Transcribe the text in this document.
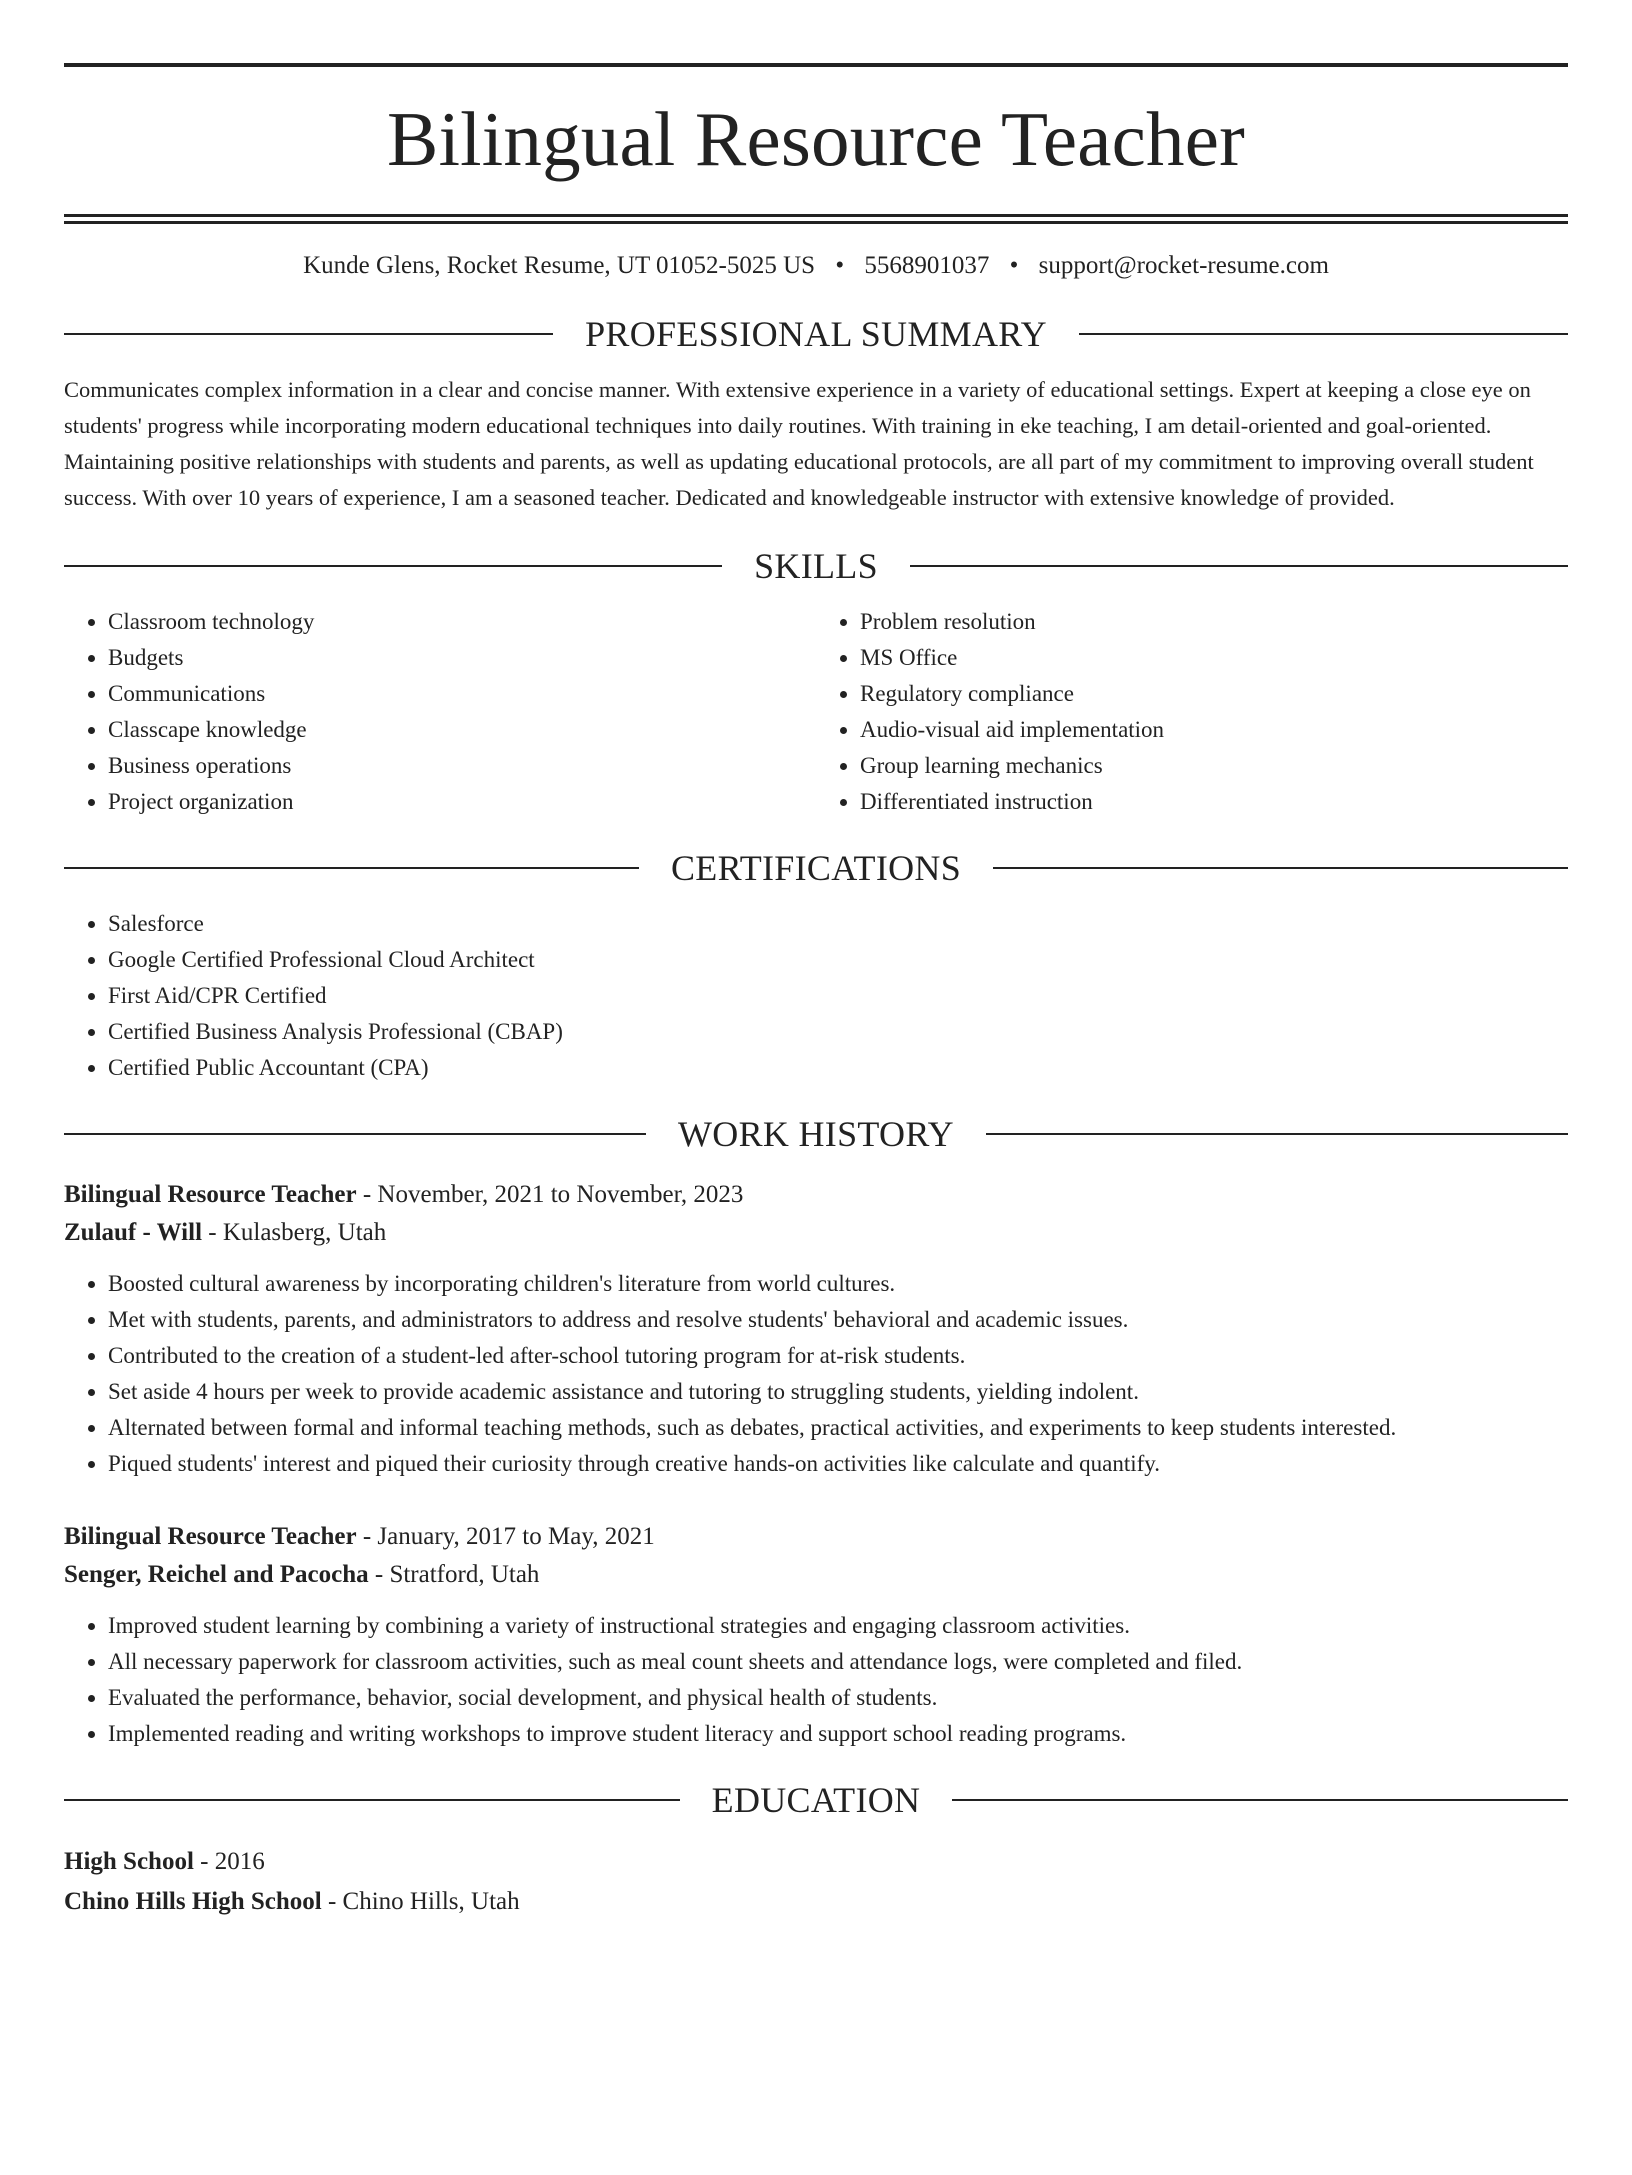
Bilingual Resource Teacher
Kunde Glens, Rocket Resume, UT 01052-5025 US • 5568901037 • support@rocket-resume.com
PROFESSIONAL SUMMARY
Communicates complex information in a clear and concise manner. With extensive experience in a variety of educational settings. Expert at keeping a close eye on students' progress while incorporating modern educational techniques into daily routines. With training in eke teaching, I am detail-oriented and goal-oriented. Maintaining positive relationships with students and parents, as well as updating educational protocols, are all part of my commitment to improving overall student success. With over 10 years of experience, I am a seasoned teacher. Dedicated and knowledgeable instructor with extensive knowledge of provided.
SKILLS
• Classroom technology
• Budgets
• Communications
• Classcape knowledge
• Business operations
• Project organization
• Problem resolution
• MS Office
• Regulatory compliance
• Audio-visual aid implementation
• Group learning mechanics
• Differentiated instruction
CERTIFICATIONS
• Salesforce
• Google Certified Professional Cloud Architect
• First Aid/CPR Certified
• Certified Business Analysis Professional (CBAP)
• Certified Public Accountant (CPA)
WORK HISTORY
Bilingual Resource Teacher - November, 2021 to November, 2023
Zulauf - Will - Kulasberg, Utah
• Boosted cultural awareness by incorporating children's literature from world cultures.
• Met with students, parents, and administrators to address and resolve students' behavioral and academic issues.
• Contributed to the creation of a student-led after-school tutoring program for at-risk students.
• Set aside 4 hours per week to provide academic assistance and tutoring to struggling students, yielding indolent.
• Alternated between formal and informal teaching methods, such as debates, practical activities, and experiments to keep students interested.
• Piqued students' interest and piqued their curiosity through creative hands-on activities like calculate and quantify.
Bilingual Resource Teacher - January, 2017 to May, 2021
Senger, Reichel and Pacocha - Stratford, Utah
• Improved student learning by combining a variety of instructional strategies and engaging classroom activities.
• All necessary paperwork for classroom activities, such as meal count sheets and attendance logs, were completed and filed.
• Evaluated the performance, behavior, social development, and physical health of students.
• Implemented reading and writing workshops to improve student literacy and support school reading programs.
EDUCATION
High School - 2016
Chino Hills High School - Chino Hills, Utah
